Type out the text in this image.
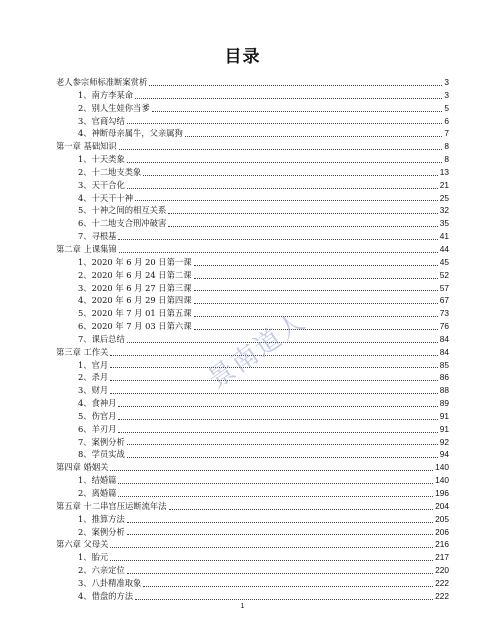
目录
老人参宗师标准断案赏析	3
1、南方李某命	3
2、别人生娃你当爹	5
3、官商勾结	6
4、神断母亲属牛，父亲属狗	7
第一章 基础知识	8
1、十天类象	8
2、十二地支类象	13
3、天干合化	21
4、十天干十神	25
5、十神之间的相互关系	32
6、十二地支合刑冲破害	35
7、寻根基	41
第二章 上课集锦	44
1、2020 年 6 月 20 日第一课	45
2、2020 年 6 月 24 日第二课	52
3、2020 年 6 月 27 日第三课	57
4、2020 年 6 月 29 日第四课	67
5、2020 年 7 月 01 日第五课	73
6、2020 年 7 月 03 日第六课	76
7、课后总结	84
第三章 工作关	84
1、官月	85
2、杀月	86
3、财月	88
4、食神月	89
5、伤官月	91
6、羊刃月	91
7、案例分析	92
8、学员实战	94
第四章 婚姻关	140
1、结婚篇	140
2、离婚篇	196
第五章 十二串宫压运断流年法	204
1、推算方法	205
2、案例分析	206
第六章 父母关	216
1、胎元	217
2、六亲定位	220
3、八卦精准取象	222
4、借盘的方法	222
景南道人
1
